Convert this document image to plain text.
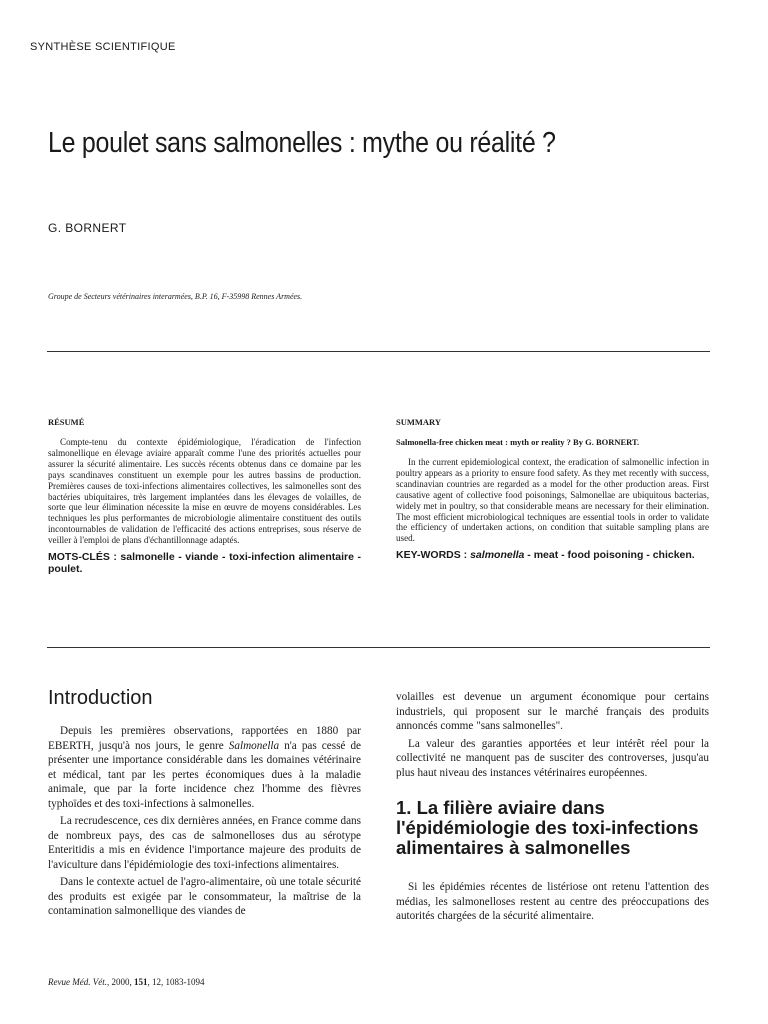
SYNTHÈSE SCIENTIFIQUE
Le poulet sans salmonelles : mythe ou réalité ?
G. BORNERT
Groupe de Secteurs vétérinaires interarmées, B.P. 16, F-35998 Rennes Armées.
RÉSUMÉ

Compte-tenu du contexte épidémiologique, l'éradication de l'infection salmonellique en élevage aviaire apparaît comme l'une des priorités actuelles pour assurer la sécurité alimentaire. Les succès récents obtenus dans ce domaine par les pays scandinaves constituent un exemple pour les autres bassins de production. Premières causes de toxi-infections alimentaires collectives, les salmonelles sont des bactéries ubiquitaires, très largement implantées dans les élevages de volailles, de sorte que leur élimination nécessite la mise en œuvre de moyens considérables. Les techniques les plus performantes de microbiologie alimentaire constituent des outils incontournables de validation de l'efficacité des actions entreprises, sous réserve de veiller à l'emploi de plans d'échantillonnage adaptés.

MOTS-CLÉS : salmonelle - viande - toxi-infection alimentaire - poulet.

SUMMARY
Salmonella-free chicken meat : myth or reality ? By G. BORNERT.

In the current epidemiological context, the eradication of salmonellic infection in poultry appears as a priority to ensure food safety. As they met recently with success, scandinavian countries are regarded as a model for the other production areas. First causative agent of collective food poisonings, Salmonellae are ubiquitous bacterias, widely met in poultry, so that considerable means are necessary for their elimination. The most efficient microbiological techniques are essential tools in order to validate the efficiency of undertaken actions, on condition that suitable sampling plans are used.

KEY-WORDS : salmonella - meat - food poisoning - chicken.

Introduction

Depuis les premières observations, rapportées en 1880 par EBERTH, jusqu'à nos jours, le genre Salmonella n'a pas cessé de présenter une importance considérable dans les domaines vétérinaire et médical, tant par les pertes économiques dues à la maladie animale, que par la forte incidence chez l'homme des fièvres typhoïdes et des toxi-infections à salmonelles.

La recrudescence, ces dix dernières années, en France comme dans de nombreux pays, des cas de salmonelloses dus au sérotype Enteritidis a mis en évidence l'importance majeure des produits de l'aviculture dans l'épidémiologie des toxi-infections alimentaires.

Dans le contexte actuel de l'agro-alimentaire, où une totale sécurité des produits est exigée par le consommateur, la maîtrise de la contamination salmonellique des viandes de

volailles est devenue un argument économique pour certains industriels, qui proposent sur le marché français des produits annoncés comme "sans salmonelles".

La valeur des garanties apportées et leur intérêt réel pour la collectivité ne manquent pas de susciter des controverses, jusqu'au plus haut niveau des instances vétérinaires européennes.

1. La filière aviaire dans l'épidémiologie des toxi-infections alimentaires à salmonelles

Si les épidémies récentes de listériose ont retenu l'attention des médias, les salmonelloses restent au centre des préoccupations des autorités chargées de la sécurité alimentaire.

Revue Méd. Vét., 2000, 151, 12, 1083-1094
